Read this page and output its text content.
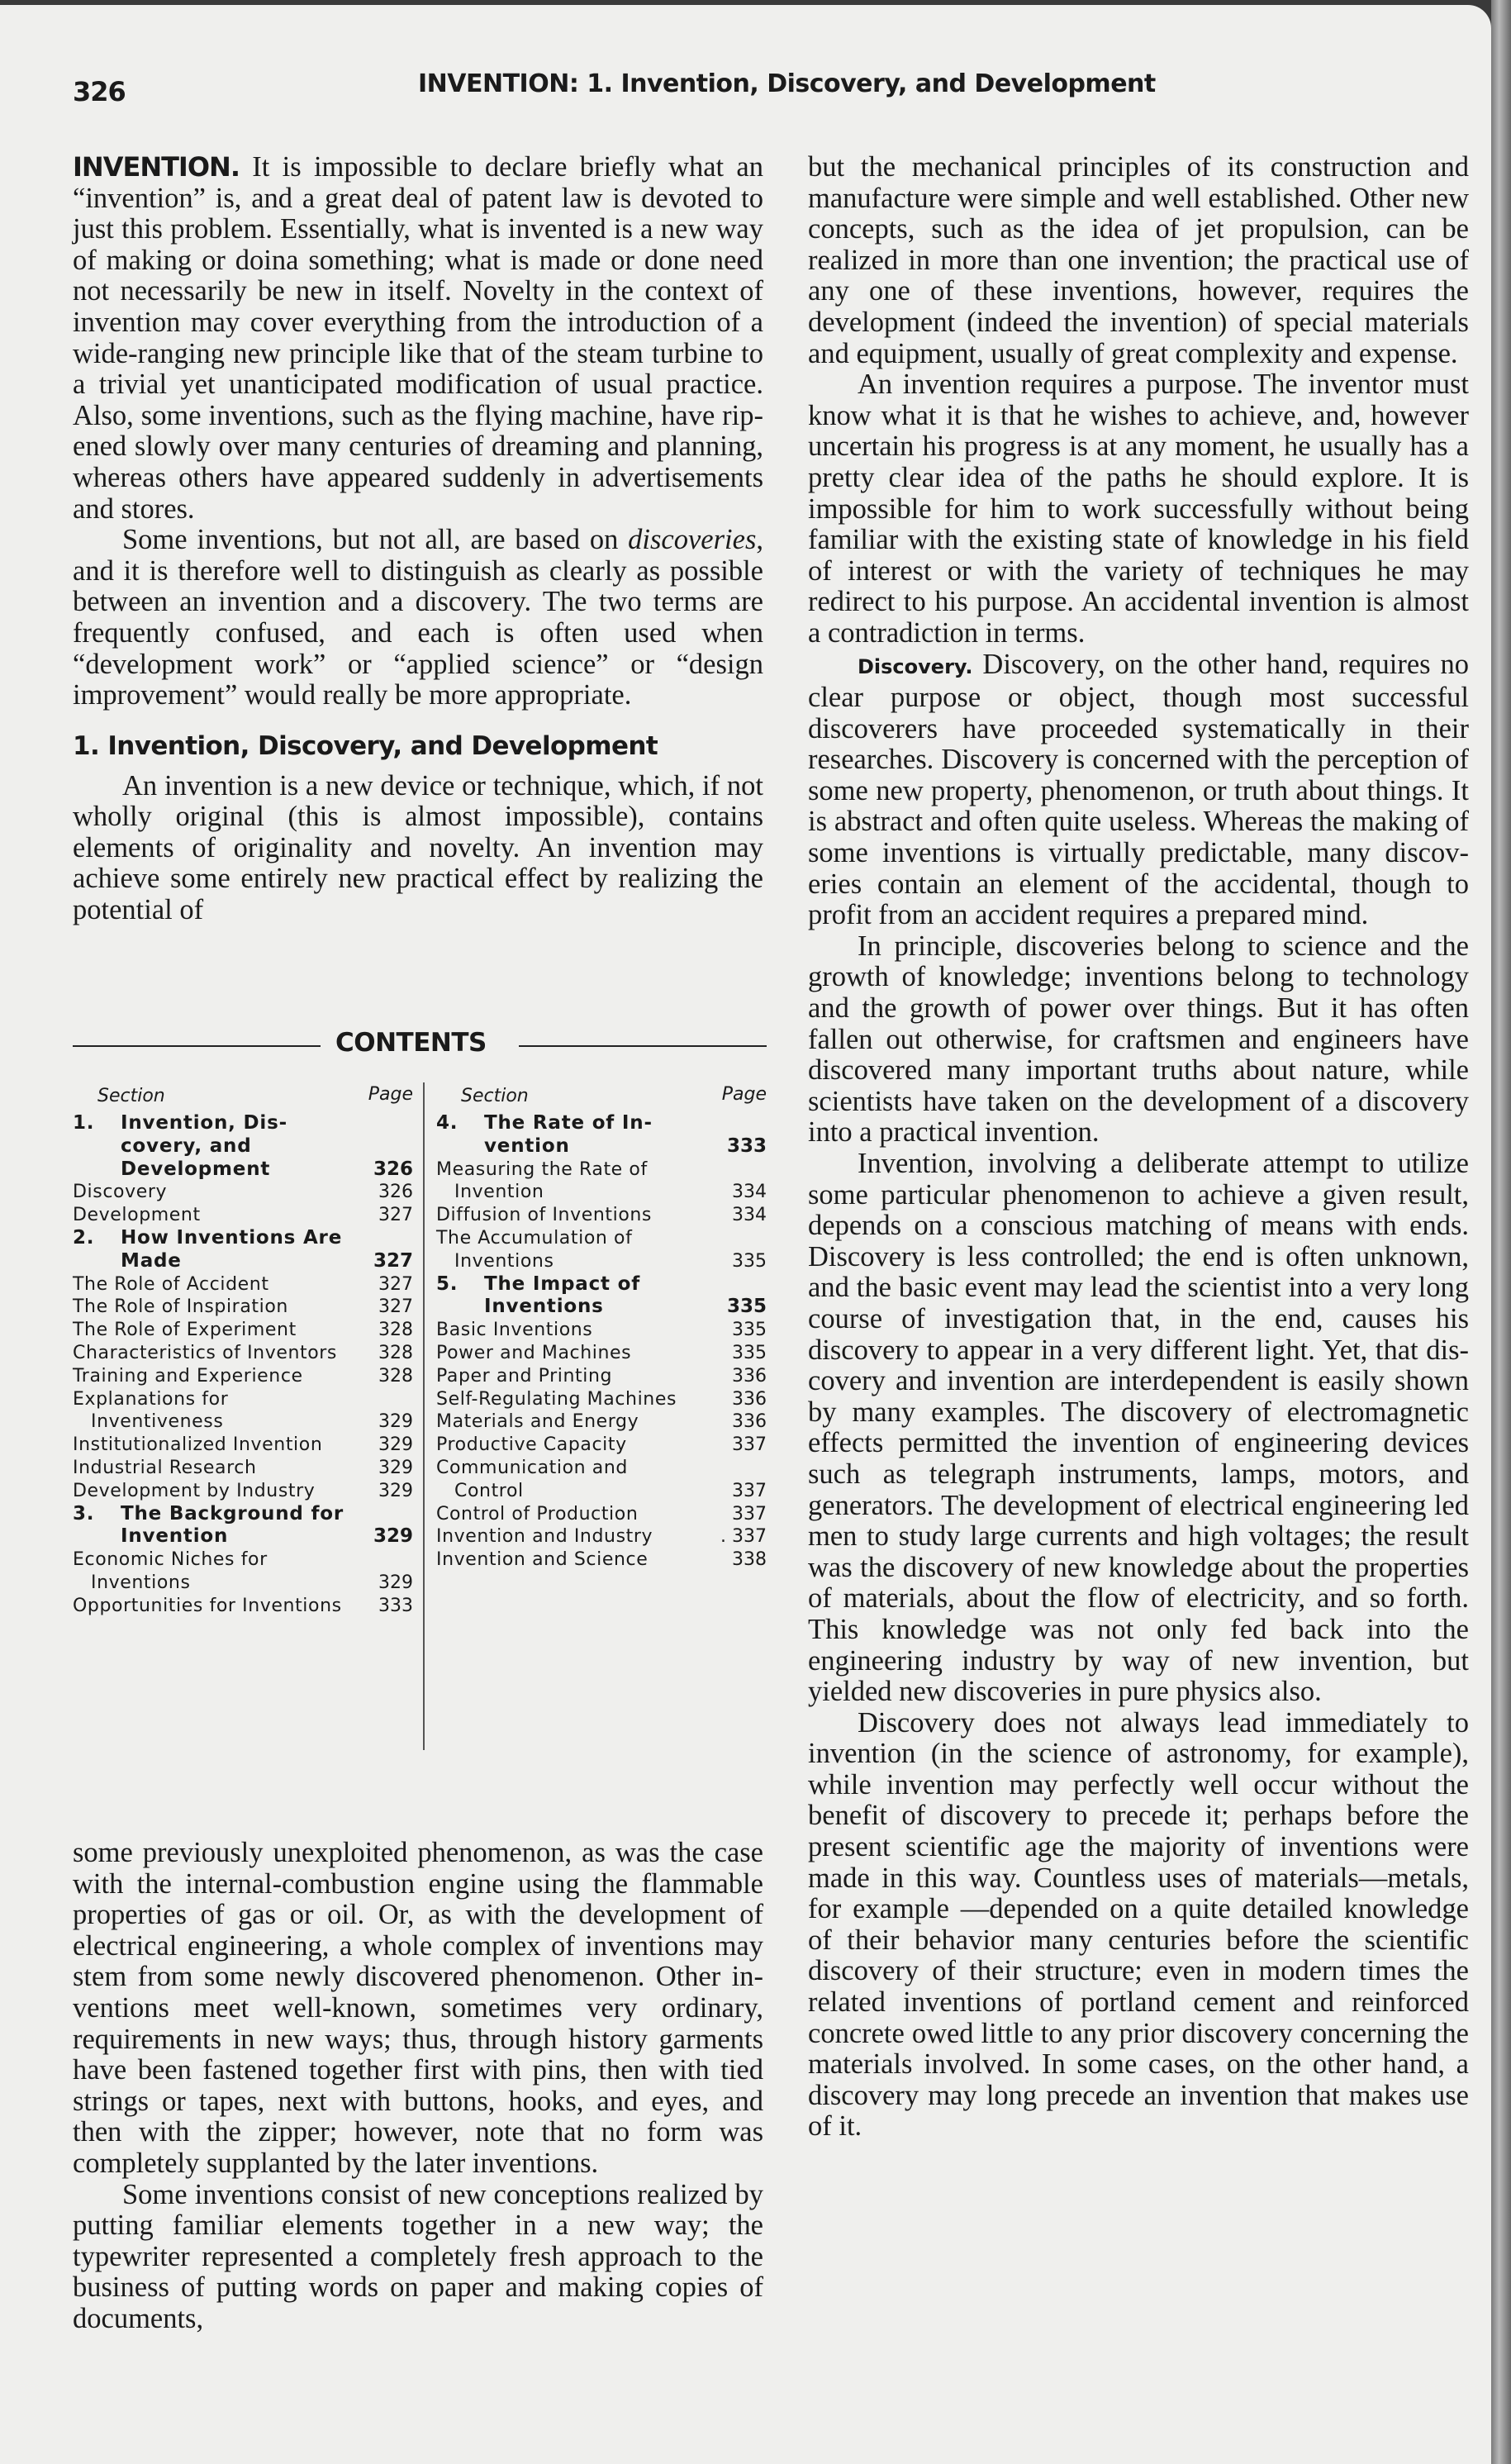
326	INVENTION: 1. Invention, Discovery, and Development

INVENTION. It is impossible to declare briefly what an “invention” is, and a great deal of patent law is devoted to just this problem. Essentially, what is invented is a new way of making or doina something; what is made or done need not necessarily be new in itself. Novelty in the context of invention may cover everything from the introduction of a wide-ranging new principle like that of the steam turbine to a trivial yet unanticipated modification of usual practice. Also, some inventions, such as the flying machine, have ripened slowly over many centuries of dreaming and planning, whereas others have appeared suddenly in advertisements and stores.

Some inventions, but not all, are based on discoveries, and it is therefore well to distinguish as clearly as possible between an invention and a discovery. The two terms are frequently confused, and each is often used when “development work” or “applied science” or “design improvement” would really be more appropriate.

1. Invention, Discovery, and Development

An invention is a new device or technique, which, if not wholly original (this is almost impossible), contains elements of originality and novelty. An invention may achieve some entirely new practical effect by realizing the potential of

CONTENTS
Section	Page
1. Invention, Discovery, and Development	326
Discovery	326
Development	327
2. How Inventions Are Made	327
The Role of Accident	327
The Role of Inspiration	327
The Role of Experiment	328
Characteristics of Inventors	328
Training and Experience	328
Explanations for Inventiveness	329
Institutionalized Invention	329
Industrial Research	329
Development by Industry	329
3. The Background for Invention	329
Economic Niches for Inventions	329
Opportunities for Inventions	333
Section	Page
4. The Rate of Invention	333
Measuring the Rate of Invention	334
Diffusion of Inventions	334
The Accumulation of Inventions	335
5. The Impact of Inventions	335
Basic Inventions	335
Power and Machines	335
Paper and Printing	336
Self-Regulating Machines	336
Materials and Energy	336
Productive Capacity	337
Communication and Control	337
Control of Production	337
Invention and Industry	. 337
Invention and Science	338

some previously unexploited phenomenon, as was the case with the internal-combustion engine using the flammable properties of gas or oil. Or, as with the development of electrical engineering, a whole complex of inventions may stem from some newly discovered phenomenon. Other inventions meet well-known, sometimes very ordinary, requirements in new ways; thus, through history garments have been fastened together first with pins, then with tied strings or tapes, next with buttons, hooks, and eyes, and then with the zipper; however, note that no form was completely supplanted by the later inventions.

Some inventions consist of new conceptions realized by putting familiar elements together in a new way; the typewriter represented a completely fresh approach to the business of putting words on paper and making copies of documents,

but the mechanical principles of its construction and manufacture were simple and well established. Other new concepts, such as the idea of jet propulsion, can be realized in more than one invention; the practical use of any one of these inventions, however, requires the development (indeed the invention) of special materials and equipment, usually of great complexity and expense.

An invention requires a purpose. The inventor must know what it is that he wishes to achieve, and, however uncertain his progress is at any moment, he usually has a pretty clear idea of the paths he should explore. It is impossible for him to work successfully without being familiar with the existing state of knowledge in his field of interest or with the variety of techniques he may redirect to his purpose. An accidental invention is almost a contradiction in terms.

Discovery. Discovery, on the other hand, requires no clear purpose or object, though most successful discoverers have proceeded systematically in their researches. Discovery is concerned with the perception of some new property, phenomenon, or truth about things. It is abstract and often quite useless. Whereas the making of some inventions is virtually predictable, many discoveries contain an element of the accidental, though to profit from an accident requires a prepared mind.

In principle, discoveries belong to science and the growth of knowledge; inventions belong to technology and the growth of power over things. But it has often fallen out otherwise, for craftsmen and engineers have discovered many important truths about nature, while scientists have taken on the development of a discovery into a practical invention.

Invention, involving a deliberate attempt to utilize some particular phenomenon to achieve a given result, depends on a conscious matching of means with ends. Discovery is less controlled; the end is often unknown, and the basic event may lead the scientist into a very long course of investigation that, in the end, causes his discovery to appear in a very different light. Yet, that discovery and invention are interdependent is easily shown by many examples. The discovery of electromagnetic effects permitted the invention of engineering devices such as telegraph instruments, lamps, motors, and generators. The development of electrical engineering led men to study large currents and high voltages; the result was the discovery of new knowledge about the properties of materials, about the flow of electricity, and so forth. This knowledge was not only fed back into the engineering industry by way of new invention, but yielded new discoveries in pure physics also.

Discovery does not always lead immediately to invention (in the science of astronomy, for example), while invention may perfectly well occur without the benefit of discovery to precede it; perhaps before the present scientific age the majority of inventions were made in this way. Countless uses of materials—metals, for example —depended on a quite detailed knowledge of their behavior many centuries before the scientific discovery of their structure; even in modern times the related inventions of portland cement and reinforced concrete owed little to any prior discovery concerning the materials involved. In some cases, on the other hand, a discovery may long precede an invention that makes use of it.
